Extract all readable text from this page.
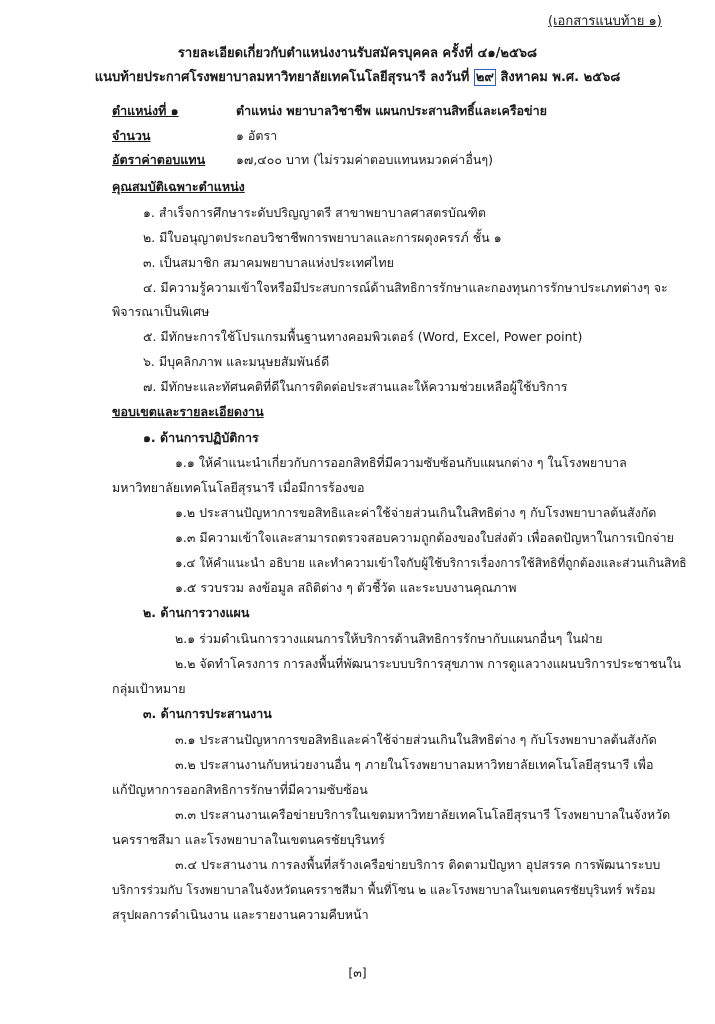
(เอกสารแนบท้าย ๑)
รายละเอียดเกี่ยวกับตำแหน่งงานรับสมัครบุคคล ครั้งที่ ๔๑/๒๕๖๘
แนบท้ายประกาศโรงพยาบาลมหาวิทยาลัยเทคโนโลยีสุรนารี ลงวันที่ ๒๙ สิงหาคม พ.ศ. ๒๕๖๘
ตำแหน่งที่ ๑	ตำแหน่ง พยาบาลวิชาชีพ แผนกประสานสิทธิ์และเครือข่าย
จำนวน	๑ อัตรา
อัตราค่าตอบแทน ๑๗,๔๐๐ บาท (ไม่รวมค่าตอบแทนหมวดค่าอื่นๆ)
คุณสมบัติเฉพาะตำแหน่ง
๑. สำเร็จการศึกษาระดับปริญญาตรี สาขาพยาบาลศาสตรบัณฑิต
๒. มีใบอนุญาตประกอบวิชาชีพการพยาบาลและการผดุงครรภ์ ชั้น ๑
๓. เป็นสมาชิก สมาคมพยาบาลแห่งประเทศไทย
๔. มีความรู้ความเข้าใจหรือมีประสบการณ์ด้านสิทธิการรักษาและกองทุนการรักษาประเภทต่างๆ จะ
พิจารณาเป็นพิเศษ
๕. มีทักษะการใช้โปรแกรมพื้นฐานทางคอมพิวเตอร์ (Word, Excel, Power point)
๖. มีบุคลิกภาพ และมนุษยสัมพันธ์ดี
๗. มีทักษะและทัศนคติที่ดีในการติดต่อประสานและให้ความช่วยเหลือผู้ใช้บริการ
ขอบเขตและรายละเอียดงาน
๑. ด้านการปฏิบัติการ
๑.๑ ให้คำแนะนำเกี่ยวกับการออกสิทธิที่มีความซับซ้อนกับแผนกต่าง ๆ ในโรงพยาบาล
มหาวิทยาลัยเทคโนโลยีสุรนารี เมื่อมีการร้องขอ
๑.๒ ประสานปัญหาการขอสิทธิและค่าใช้จ่ายส่วนเกินในสิทธิต่าง ๆ กับโรงพยาบาลต้นสังกัด
๑.๓ มีความเข้าใจและสามารถตรวจสอบความถูกต้องของใบส่งตัว เพื่อลดปัญหาในการเบิกจ่าย
๑.๔ ให้คำแนะนำ อธิบาย และทำความเข้าใจกับผู้ใช้บริการเรื่องการใช้สิทธิที่ถูกต้องและส่วนเกินสิทธิ
๑.๕ รวบรวม ลงข้อมูล สถิติต่าง ๆ ตัวชี้วัด และระบบงานคุณภาพ
๒. ด้านการวางแผน
๒.๑ ร่วมดำเนินการวางแผนการให้บริการด้านสิทธิการรักษากับแผนกอื่นๆ ในฝ่าย
๒.๒ จัดทำโครงการ การลงพื้นที่พัฒนาระบบบริการสุขภาพ การดูแลวางแผนบริการประชาชนใน
กลุ่มเป้าหมาย
๓. ด้านการประสานงาน
๓.๑ ประสานปัญหาการขอสิทธิและค่าใช้จ่ายส่วนเกินในสิทธิต่าง ๆ กับโรงพยาบาลต้นสังกัด
๓.๒ ประสานงานกับหน่วยงานอื่น ๆ ภายในโรงพยาบาลมหาวิทยาลัยเทคโนโลยีสุรนารี เพื่อ
แก้ปัญหาการออกสิทธิการรักษาที่มีความซับซ้อน
๓.๓ ประสานงานเครือข่ายบริการในเขตมหาวิทยาลัยเทคโนโลยีสุรนารี โรงพยาบาลในจังหวัด
นครราชสีมา และโรงพยาบาลในเขตนครชัยบุรินทร์
๓.๔ ประสานงาน การลงพื้นที่สร้างเครือข่ายบริการ ติดตามปัญหา อุปสรรค การพัฒนาระบบ
บริการร่วมกับ โรงพยาบาลในจังหวัดนครราชสีมา พื้นที่โซน ๒ และโรงพยาบาลในเขตนครชัยบุรินทร์ พร้อม
สรุปผลการดำเนินงาน และรายงานความคืบหน้า
[๓]
